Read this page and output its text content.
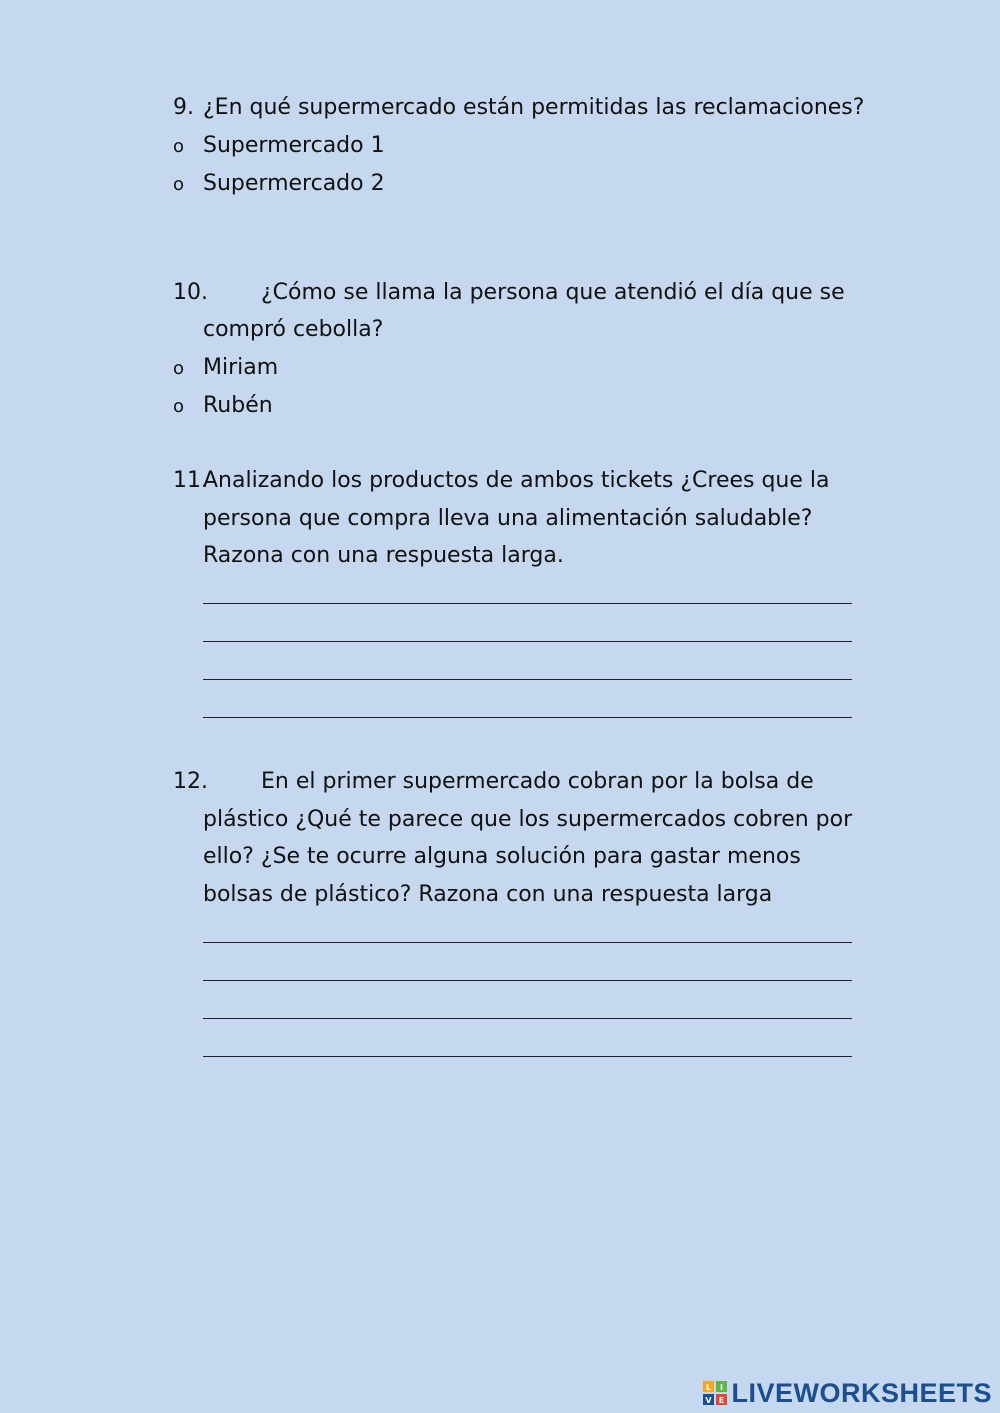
9. ¿En qué supermercado están permitidas las reclamaciones?
o Supermercado 1
o Supermercado 2
10. ¿Cómo se llama la persona que atendió el día que se
compró cebolla?
o Miriam
o Rubén
11.
Analizando los productos de ambos tickets ¿Crees que la
persona que compra lleva una alimentación saludable?
Razona con una respuesta larga.
12. En el primer supermercado cobran por la bolsa de
plástico ¿Qué te parece que los supermercados cobren por
ello? ¿Se te ocurre alguna solución para gastar menos
bolsas de plástico? Razona con una respuesta larga
L I
V E LIVEWORKSHEETS
